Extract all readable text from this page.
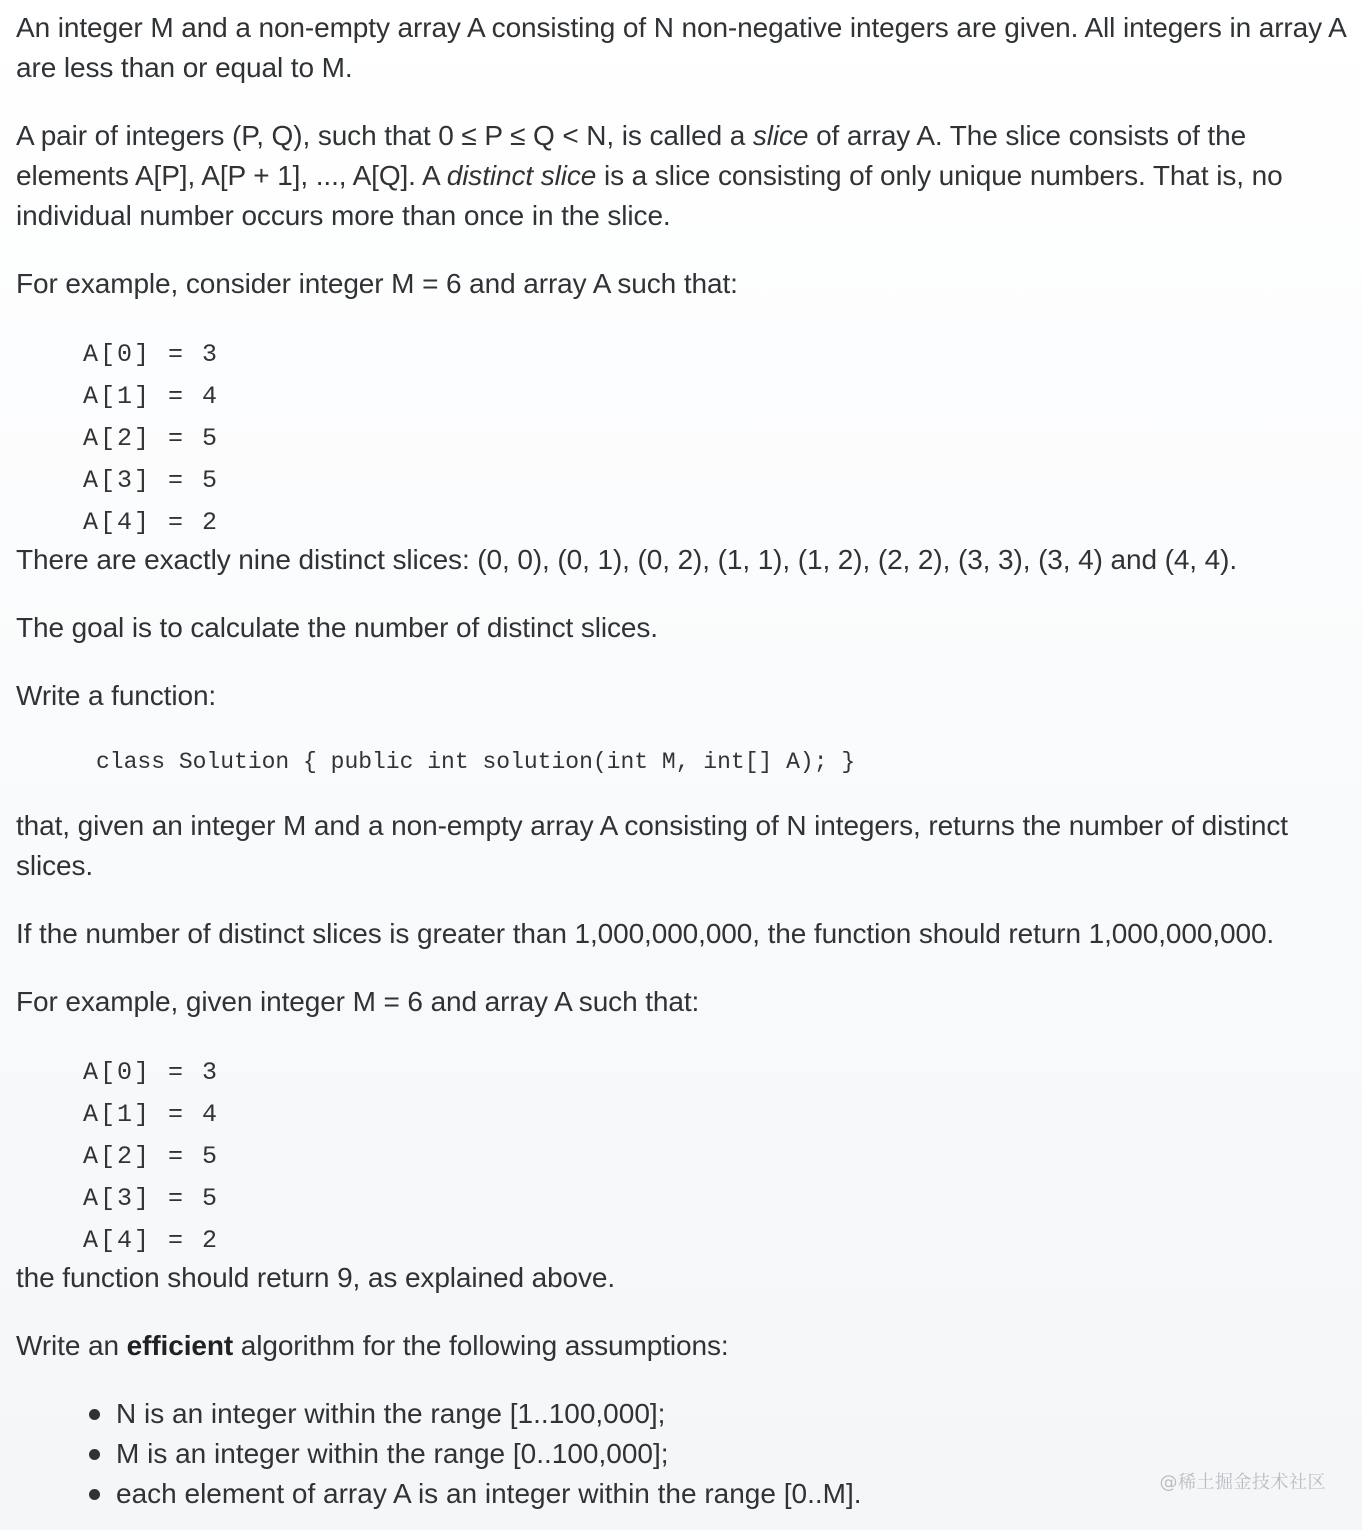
An integer M and a non-empty array A consisting of N non-negative integers are given. All integers in array A are less than or equal to M.

A pair of integers (P, Q), such that 0 ≤ P ≤ Q < N, is called a slice of array A. The slice consists of the elements A[P], A[P + 1], ..., A[Q]. A distinct slice is a slice consisting of only unique numbers. That is, no individual number occurs more than once in the slice.

For example, consider integer M = 6 and array A such that:

A[0] = 3
A[1] = 4
A[2] = 5
A[3] = 5
A[4] = 2

There are exactly nine distinct slices: (0, 0), (0, 1), (0, 2), (1, 1), (1, 2), (2, 2), (3, 3), (3, 4) and (4, 4).

The goal is to calculate the number of distinct slices.

Write a function:

class Solution { public int solution(int M, int[] A); }

that, given an integer M and a non-empty array A consisting of N integers, returns the number of distinct slices.

If the number of distinct slices is greater than 1,000,000,000, the function should return 1,000,000,000.

For example, given integer M = 6 and array A such that:

A[0] = 3
A[1] = 4
A[2] = 5
A[3] = 5
A[4] = 2

the function should return 9, as explained above.

Write an efficient algorithm for the following assumptions:

N is an integer within the range [1..100,000];
M is an integer within the range [0..100,000];
each element of array A is an integer within the range [0..M].	@稀土掘金技术社区
